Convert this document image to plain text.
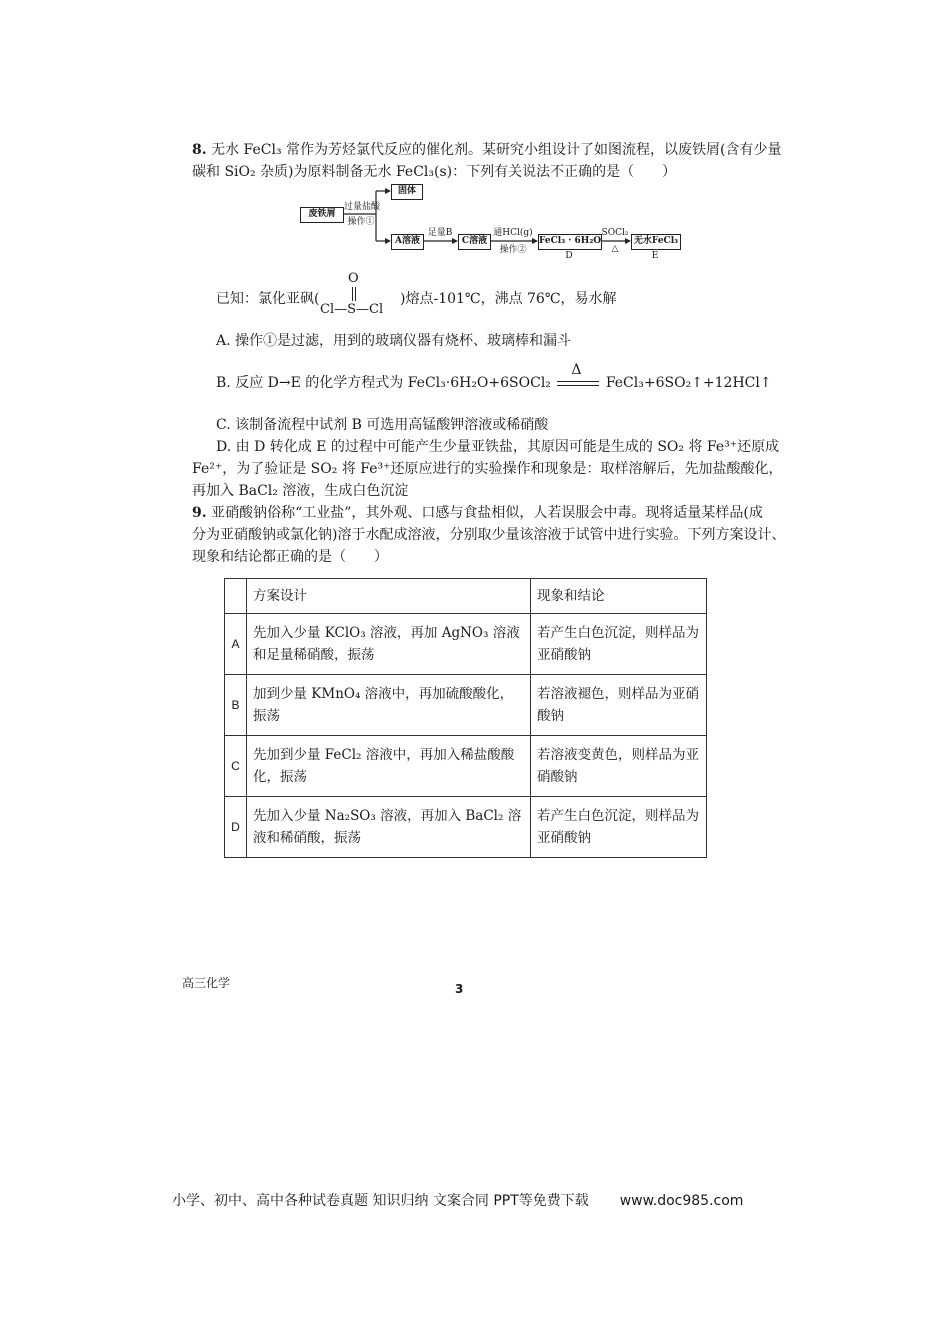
8. 无水 FeCl₃ 常作为芳烃氯代反应的催化剂。某研究小组设计了如图流程，以废铁屑(含有少量
碳和 SiO₂ 杂质)为原料制备无水 FeCl₃(s)：下列有关说法不正确的是（　　）
废铁屑
过量盐酸
操作①
固体
A溶液
足量B
C溶液
通HCl(g)
操作②
FeCl₃ · 6H₂O
D
SOCl₂
△
无水FeCl₃
E
已知：氯化亚砜(
O
Cl—S—Cl
)熔点-101℃，沸点 76℃，易水解
A. 操作①是过滤，用到的玻璃仪器有烧杯、玻璃棒和漏斗
B. 反应 D→E 的化学方程式为 FeCl₃·6H₂O+6SOCl₂
Δ
FeCl₃+6SO₂↑+12HCl↑
C. 该制备流程中试剂 B 可选用高锰酸钾溶液或稀硝酸
D. 由 D 转化成 E 的过程中可能产生少量亚铁盐，其原因可能是生成的 SO₂ 将 Fe³⁺还原成
Fe²⁺，为了验证是 SO₂ 将 Fe³⁺还原应进行的实验操作和现象是：取样溶解后，先加盐酸酸化，
再加入 BaCl₂ 溶液，生成白色沉淀
9. 亚硝酸钠俗称“工业盐”，其外观、口感与食盐相似，人若误服会中毒。现将适量某样品(成
分为亚硝酸钠或氯化钠)溶于水配成溶液，分别取少量该溶液于试管中进行实验。下列方案设计、
现象和结论都正确的是（　　）
	方案设计	现象和结论
A	先加入少量 KClO₃ 溶液，再加 AgNO₃ 溶液和足量稀硝酸，振荡	若产生白色沉淀，则样品为亚硝酸钠
B	加到少量 KMnO₄ 溶液中，再加硫酸酸化，振荡	若溶液褪色，则样品为亚硝酸钠
C	先加到少量 FeCl₂ 溶液中，再加入稀盐酸酸化，振荡	若溶液变黄色，则样品为亚硝酸钠
D	先加入少量 Na₂SO₃ 溶液，再加入 BaCl₂ 溶液和稀硝酸，振荡	若产生白色沉淀，则样品为亚硝酸钠
高三化学	3
小学、初中、高中各种试卷真题 知识归纳 文案合同 PPT等免费下载 www.doc985.com
